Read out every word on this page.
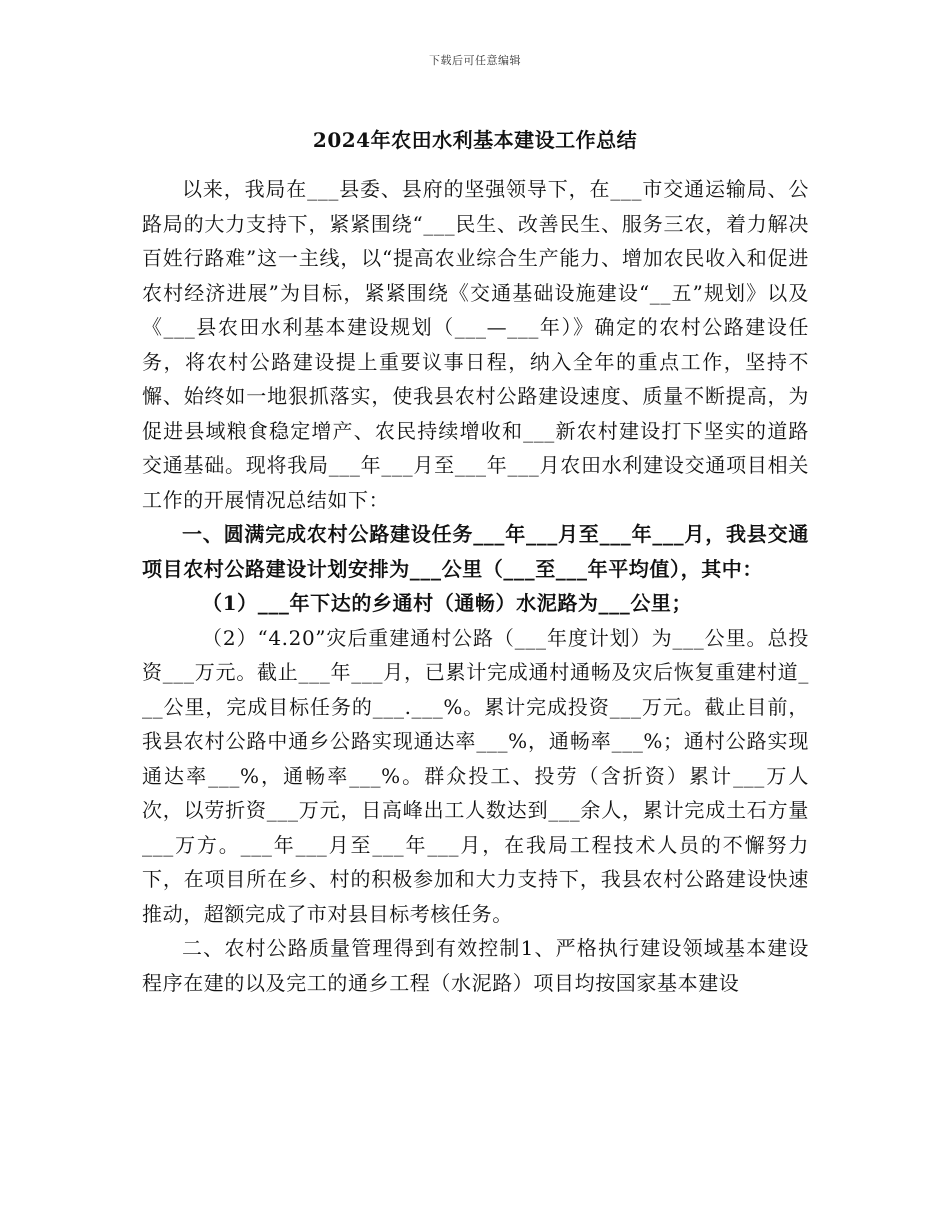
下载后可任意编辑
2024年农田水利基本建设工作总结

以来，我局在___县委、县府的坚强领导下，在___市交通运输局、公路局的大力支持下，紧紧围绕“___民生、改善民生、服务三农，着力解决百姓行路难”这一主线，以“提高农业综合生产能力、增加农民收入和促进农村经济进展”为目标，紧紧围绕《交通基础设施建设“__五”规划》以及《___县农田水利基本建设规划（___—___年）》确定的农村公路建设任务，将农村公路建设提上重要议事日程，纳入全年的重点工作，坚持不懈、始终如一地狠抓落实，使我县农村公路建设速度、质量不断提高，为促进县域粮食稳定增产、农民持续增收和___新农村建设打下坚实的道路交通基础。现将我局___年___月至___年___月农田水利建设交通项目相关工作的开展情况总结如下：

一、圆满完成农村公路建设任务___年___月至___年___月，我县交通项目农村公路建设计划安排为___公里（___至___年平均值），其中：

（1）___年下达的乡通村（通畅）水泥路为___公里；

（2）“4.20”灾后重建通村公路（___年度计划）为___公里。总投资___万元。截止___年___月，已累计完成通村通畅及灾后恢复重建村道___公里，完成目标任务的___.___%。累计完成投资___万元。截止目前，我县农村公路中通乡公路实现通达率___%，通畅率___%；通村公路实现通达率___%，通畅率___%。群众投工、投劳（含折资）累计___万人次，以劳折资___万元，日高峰出工人数达到___余人，累计完成土石方量___万方。___年___月至___年___月，在我局工程技术人员的不懈努力下，在项目所在乡、村的积极参加和大力支持下，我县农村公路建设快速推动，超额完成了市对县目标考核任务。

二、农村公路质量管理得到有效控制1、严格执行建设领域基本建设程序在建的以及完工的通乡工程（水泥路）项目均按国家基本建设
